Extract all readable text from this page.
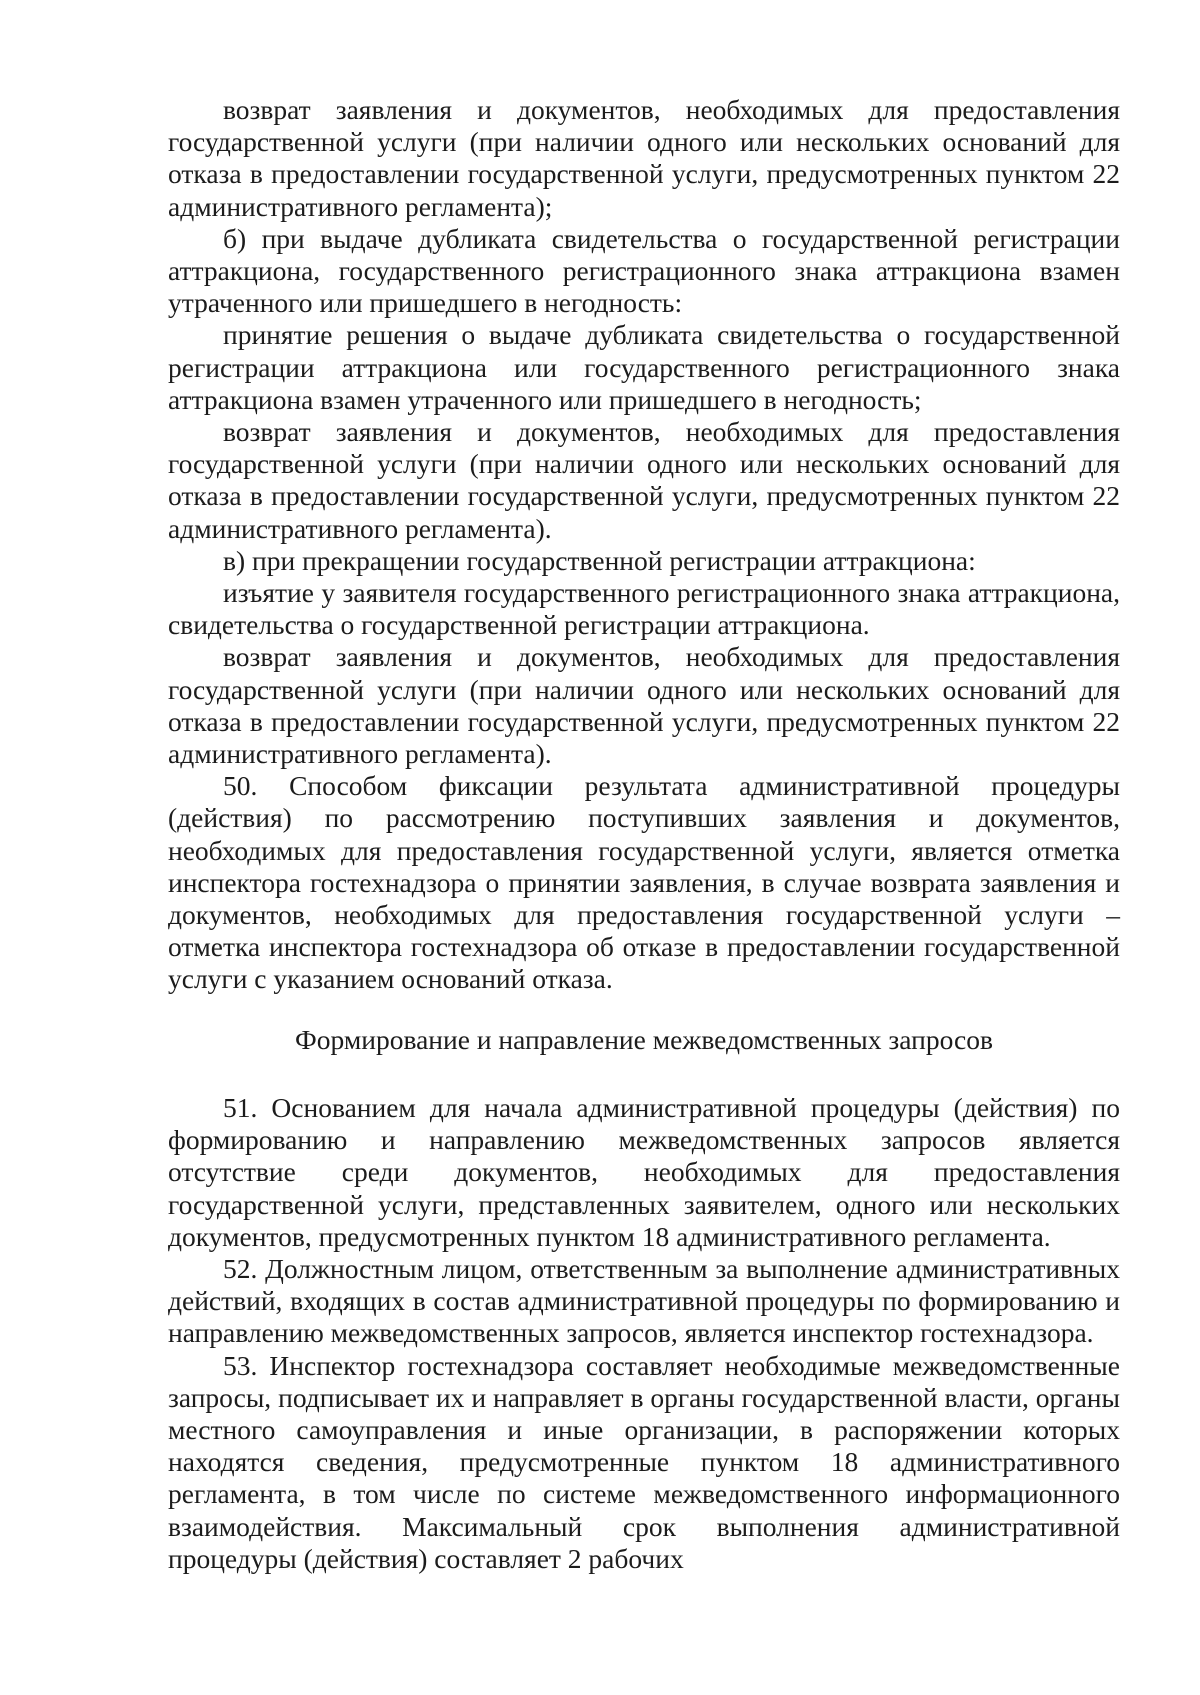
возврат заявления и документов, необходимых для предоставления государственной услуги (при наличии одного или нескольких оснований для отказа в предоставлении государственной услуги, предусмотренных пунктом 22 административного регламента);

б) при выдаче дубликата свидетельства о государственной регистрации аттракциона, государственного регистрационного знака аттракциона взамен утраченного или пришедшего в негодность:

принятие решения о выдаче дубликата свидетельства о государственной регистрации аттракциона или государственного регистрационного знака аттракциона взамен утраченного или пришедшего в негодность;

возврат заявления и документов, необходимых для предоставления государственной услуги (при наличии одного или нескольких оснований для отказа в предоставлении государственной услуги, предусмотренных пунктом 22 административного регламента).

в) при прекращении государственной регистрации аттракциона:

изъятие у заявителя государственного регистрационного знака аттракциона, свидетельства о государственной регистрации аттракциона.

возврат заявления и документов, необходимых для предоставления государственной услуги (при наличии одного или нескольких оснований для отказа в предоставлении государственной услуги, предусмотренных пунктом 22 административного регламента).

50. Способом фиксации результата административной процедуры (действия) по рассмотрению поступивших заявления и документов, необходимых для предоставления государственной услуги, является отметка инспектора гостехнадзора о принятии заявления, в случае возврата заявления и документов, необходимых для предоставления государственной услуги – отметка инспектора гостехнадзора об отказе в предоставлении государственной услуги с указанием оснований отказа.

Формирование и направление межведомственных запросов

51. Основанием для начала административной процедуры (действия) по формированию и направлению межведомственных запросов является отсутствие среди документов, необходимых для предоставления государственной услуги, представленных заявителем, одного или нескольких документов, предусмотренных пунктом 18 административного регламента.

52. Должностным лицом, ответственным за выполнение административных действий, входящих в состав административной процедуры по формированию и направлению межведомственных запросов, является инспектор гостехнадзора.

53. Инспектор гостехнадзора составляет необходимые межведомственные запросы, подписывает их и направляет в органы государственной власти, органы местного самоуправления и иные организации, в распоряжении которых находятся сведения, предусмотренные пунктом 18 административного регламента, в том числе по системе межведомственного информационного взаимодействия. Максимальный срок выполнения административной процедуры (действия) составляет 2 рабочих
